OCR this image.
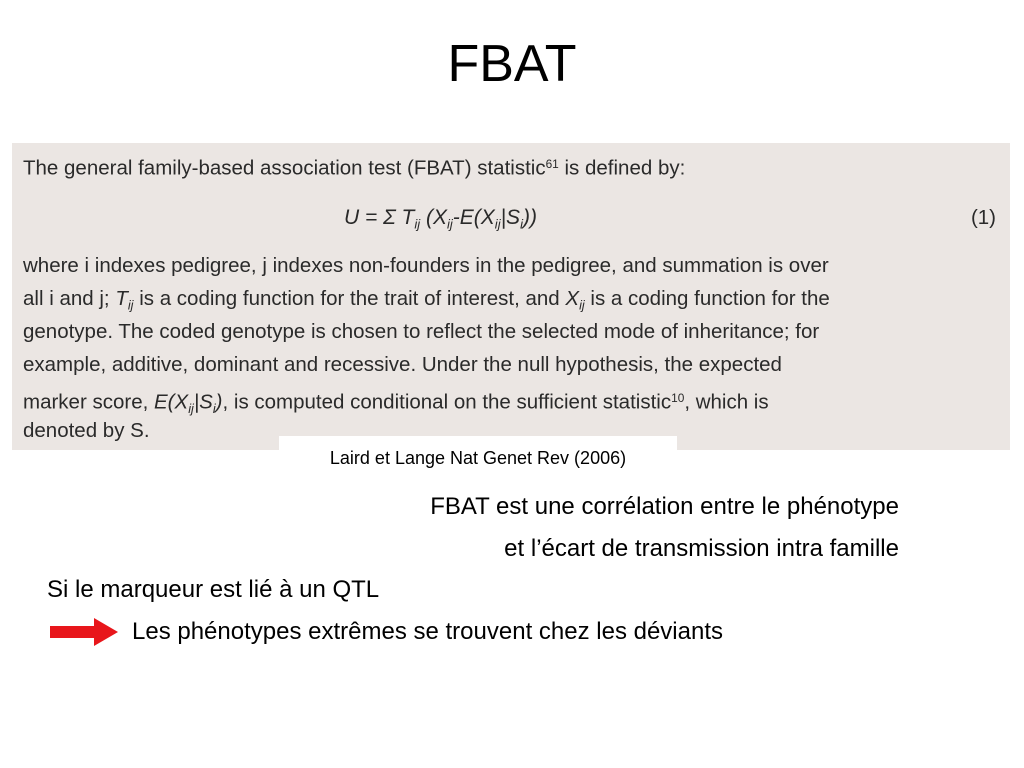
FBAT
The general family-based association test (FBAT) statistic$^{61}$ is defined by:
U = Σ $T_{ij}$ $(X_{ij}-E(X_{ij}|S_i))$	(1)
where i indexes pedigree, j indexes non-founders in the pedigree, and summation is over
all i and j; $T_{ij}$ is a coding function for the trait of interest, and $X_{ij}$ is a coding function for the
genotype. The coded genotype is chosen to reflect the selected mode of inheritance; for
example, additive, dominant and recessive. Under the null hypothesis, the expected
marker score, $E(X_{ij}|S_i)$, is computed conditional on the sufficient statistic$^{10}$, which is
denoted by S.
Laird et Lange Nat Genet Rev (2006)
FBAT est une corrélation entre le phénotype
et l’écart de transmission intra famille
Si le marqueur est lié à un QTL
Les phénotypes extrêmes se trouvent chez les déviants
